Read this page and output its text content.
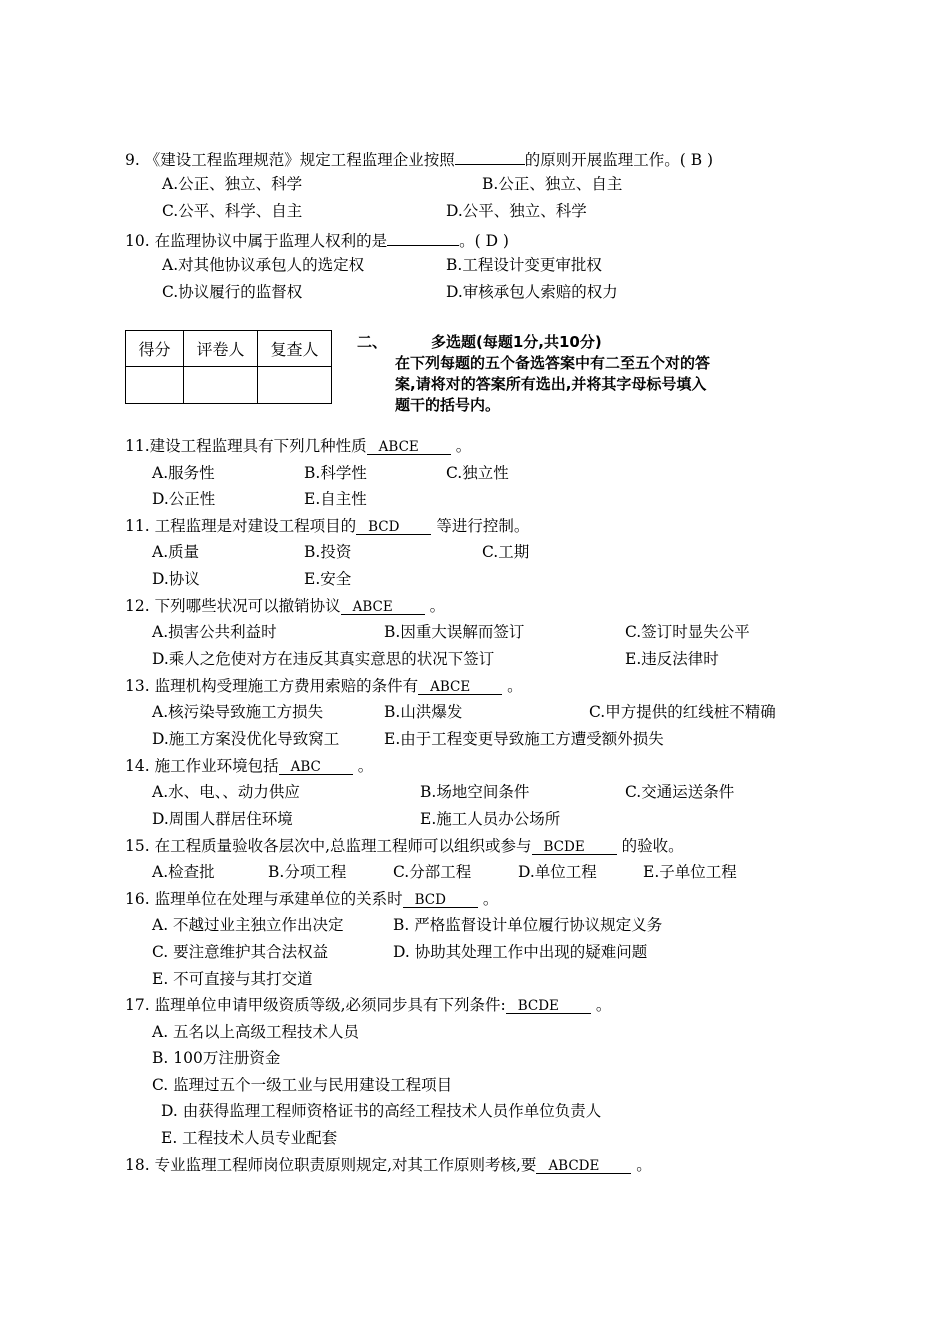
9. 《建设工程监理规范》规定工程监理企业按照	的原则开展监理工作。( B )
A.公正、独立、科学	B.公正、独立、自主
C.公平、科学、自主	D.公平、独立、科学
10. 在监理协议中属于监理人权利的是	。( D )
A.对其他协议承包人的选定权	B.工程设计变更审批权
C.协议履行的监督权	D.审核承包人索赔的权力
得分	评卷人	复查人
			二、	多选题(每题1分,共10分)
在下列每题的五个备选答案中有二至五个对的答
案,请将对的答案所有选出,并将其字母标号填入
题干的括号内。
11.建设工程监理具有下列几种性质 ABCE 。
A.服务性	B.科学性	C.独立性
D.公正性	E.自主性
11. 工程监理是对建设工程项目的 BCD 等进行控制。
A.质量	B.投资	C.工期
D.协议	E.安全
12. 下列哪些状况可以撤销协议 ABCE 。
A.损害公共利益时	B.因重大误解而签订	C.签订时显失公平
D.乘人之危使对方在违反其真实意思的状况下签订	E.违反法律时
13. 监理机构受理施工方费用索赔的条件有 ABCE 。
A.核污染导致施工方损失	B.山洪爆发	C.甲方提供的红线桩不精确
D.施工方案没优化导致窝工	E.由于工程变更导致施工方遭受额外损失
14. 施工作业环境包括 ABC 。
A.水、电、、动力供应	B.场地空间条件	C.交通运送条件
D.周围人群居住环境	E.施工人员办公场所
15. 在工程质量验收各层次中,总监理工程师可以组织或参与 BCDE 的验收。
A.检查批	B.分项工程	C.分部工程	D.单位工程	E.子单位工程
16. 监理单位在处理与承建单位的关系时 BCD 。
A. 不越过业主独立作出决定	B. 严格监督设计单位履行协议规定义务
C. 要注意维护其合法权益	D. 协助其处理工作中出现的疑难问题
E. 不可直接与其打交道
17. 监理单位申请甲级资质等级,必须同步具有下列条件: BCDE 。
A. 五名以上高级工程技术人员
B. 100万注册资金
C. 监理过五个一级工业与民用建设工程项目
D. 由获得监理工程师资格证书的高经工程技术人员作单位负责人
E. 工程技术人员专业配套
18. 专业监理工程师岗位职责原则规定,对其工作原则考核,要 ABCDE 。
